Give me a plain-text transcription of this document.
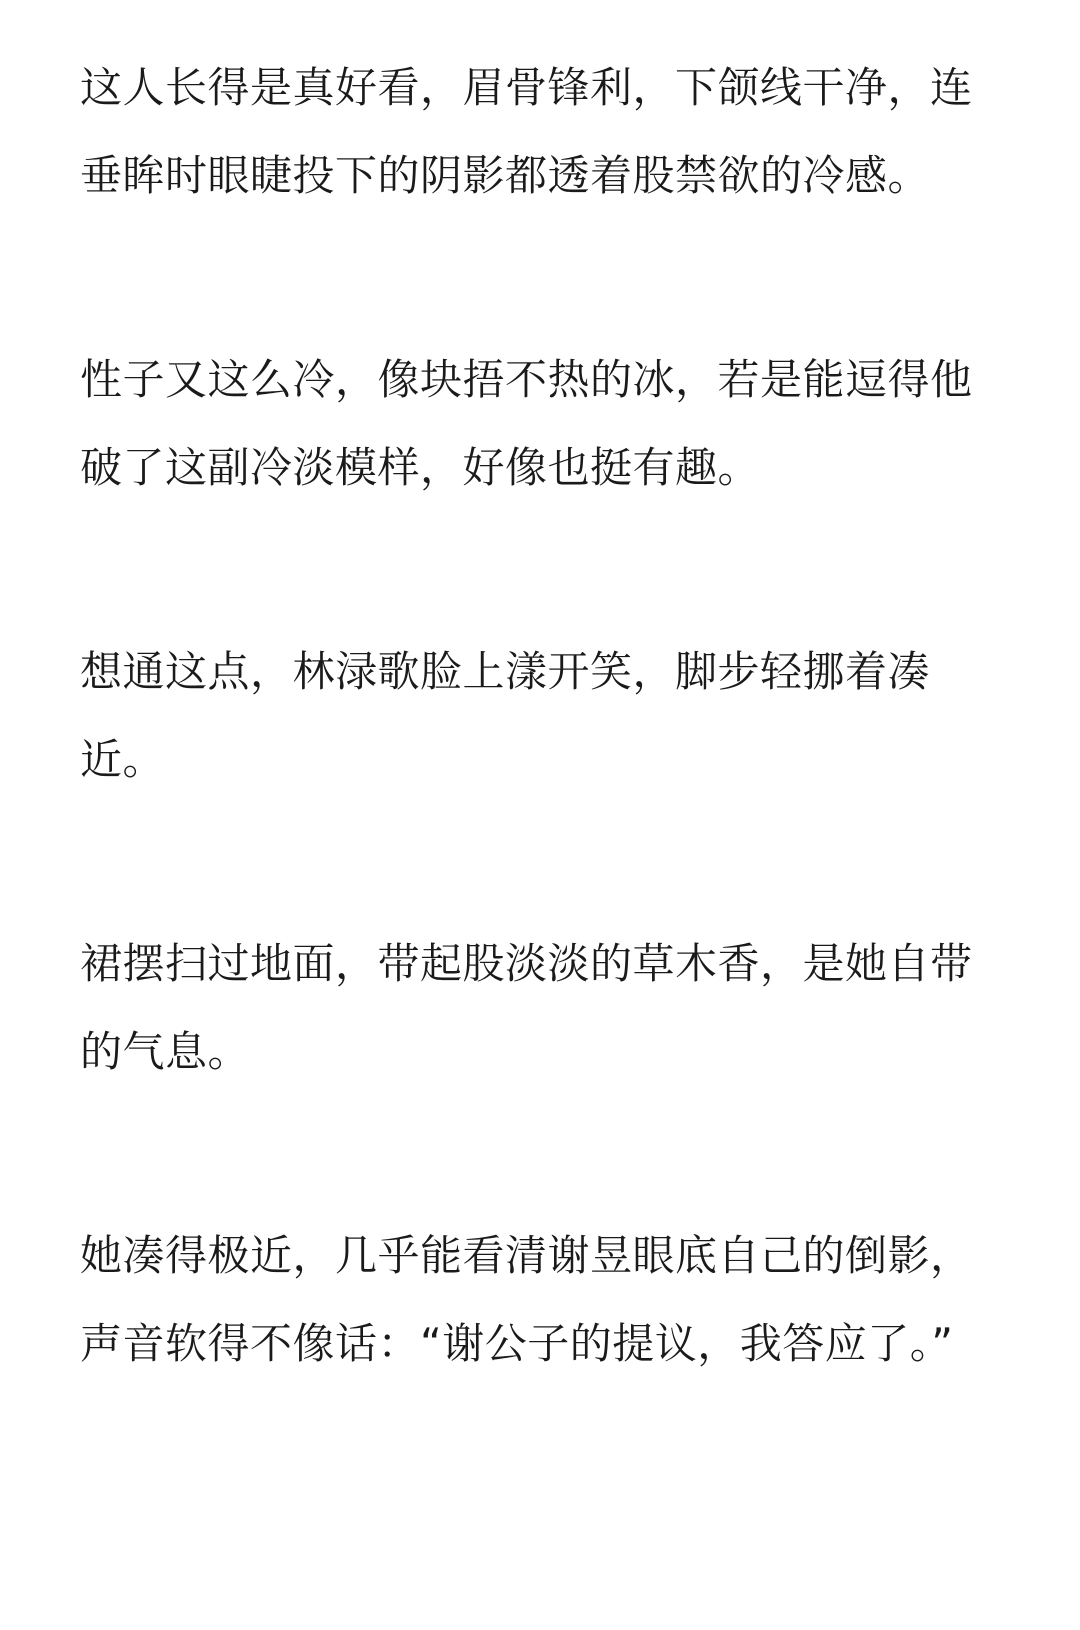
这人长得是真好看，眉骨锋利，下颌线干净，连垂眸时眼睫投下的阴影都透着股禁欲的冷感。

性子又这么冷，像块捂不热的冰，若是能逗得他破了这副冷淡模样，好像也挺有趣。

想通这点，林渌歌脸上漾开笑，脚步轻挪着凑近。

裙摆扫过地面，带起股淡淡的草木香，是她自带的气息。

她凑得极近，几乎能看清谢昱眼底自己的倒影，声音软得不像话：“谢公子的提议，我答应了。”
